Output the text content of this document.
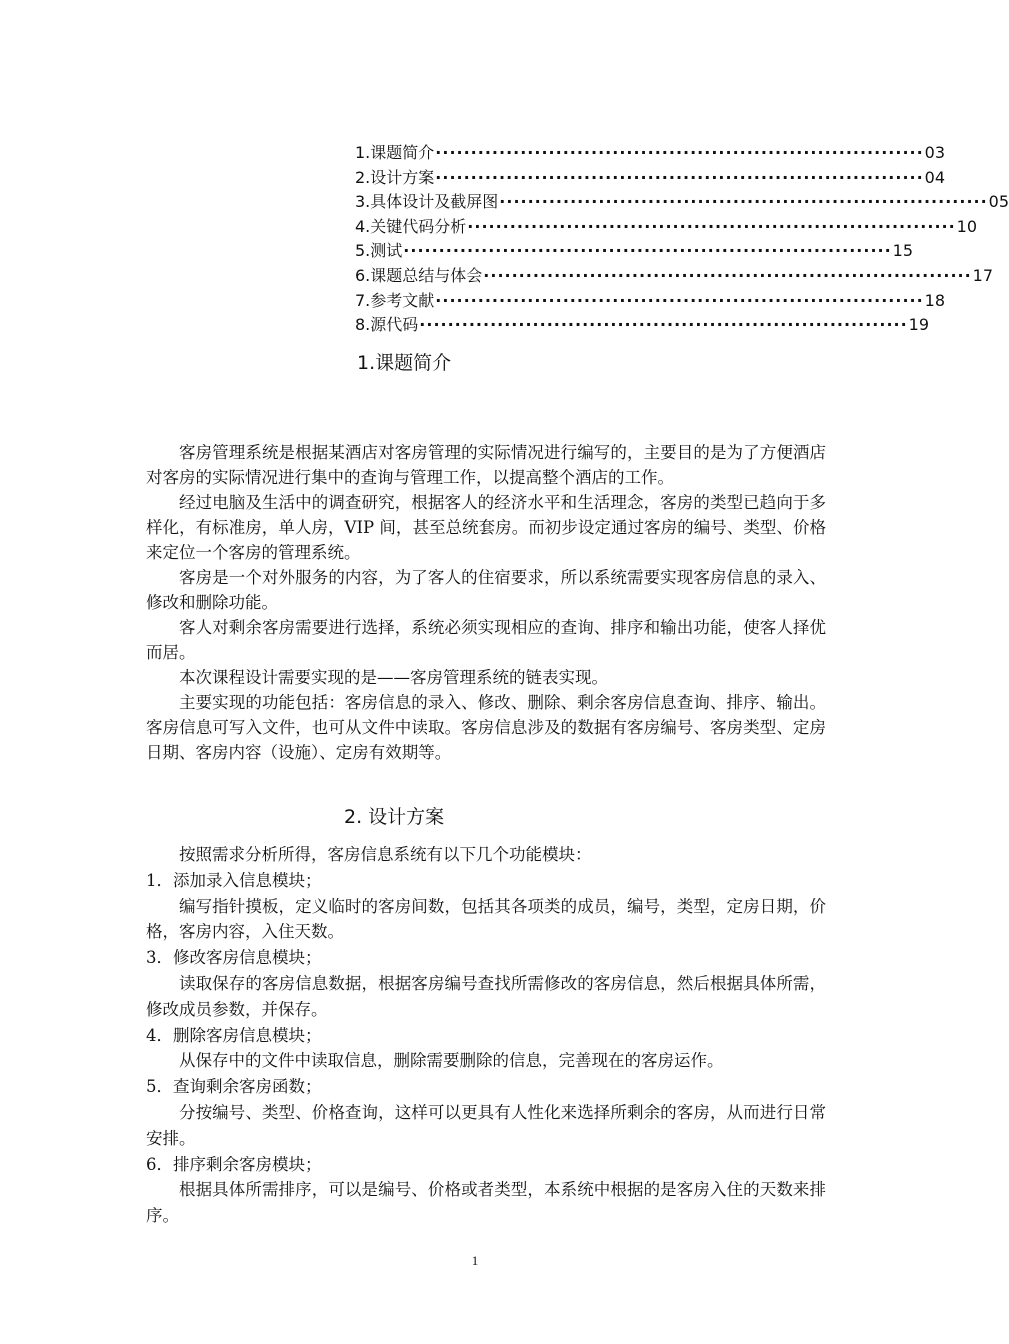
1.课题简介 ····································································· 03
2.设计方案 ····································································· 04
3.具体设计及截屏图 ····································································· 05
4.关键代码分析 ····································································· 10
5.测试 ····································································· 15
6.课题总结与体会 ····································································· 17
7.参考文献 ····································································· 18
8.源代码 ····································································· 19
1.课题简介

客房管理系统是根据某酒店对客房管理的实际情况进行编写的，主要目的是为了方便酒店对客房的实际情况进行集中的查询与管理工作，以提高整个酒店的工作。

经过电脑及生活中的调查研究，根据客人的经济水平和生活理念，客房的类型已趋向于多样化，有标准房，单人房，VIP 间，甚至总统套房。而初步设定通过客房的编号、类型、价格来定位一个客房的管理系统。

客房是一个对外服务的内容，为了客人的住宿要求，所以系统需要实现客房信息的录入、修改和删除功能。

客人对剩余客房需要进行选择，系统必须实现相应的查询、排序和输出功能，使客人择优而居。

本次课程设计需要实现的是——客房管理系统的链表实现。

主要实现的功能包括：客房信息的录入、修改、删除、剩余客房信息查询、排序、输出。客房信息可写入文件，也可从文件中读取。客房信息涉及的数据有客房编号、客房类型、定房日期、客房内容（设施）、定房有效期等。

2. 设计方案

按照需求分析所得，客房信息系统有以下几个功能模块：

1．添加录入信息模块；

编写指针摸板，定义临时的客房间数，包括其各项类的成员，编号，类型，定房日期，价格，客房内容，入住天数。

3．修改客房信息模块；

读取保存的客房信息数据，根据客房编号查找所需修改的客房信息，然后根据具体所需，修改成员参数，并保存。

4．删除客房信息模块；

从保存中的文件中读取信息，删除需要删除的信息，完善现在的客房运作。

5．查询剩余客房函数；

分按编号、类型、价格查询，这样可以更具有人性化来选择所剩余的客房，从而进行日常安排。

6．排序剩余客房模块；

根据具体所需排序，可以是编号、价格或者类型，本系统中根据的是客房入住的天数来排序。

1
